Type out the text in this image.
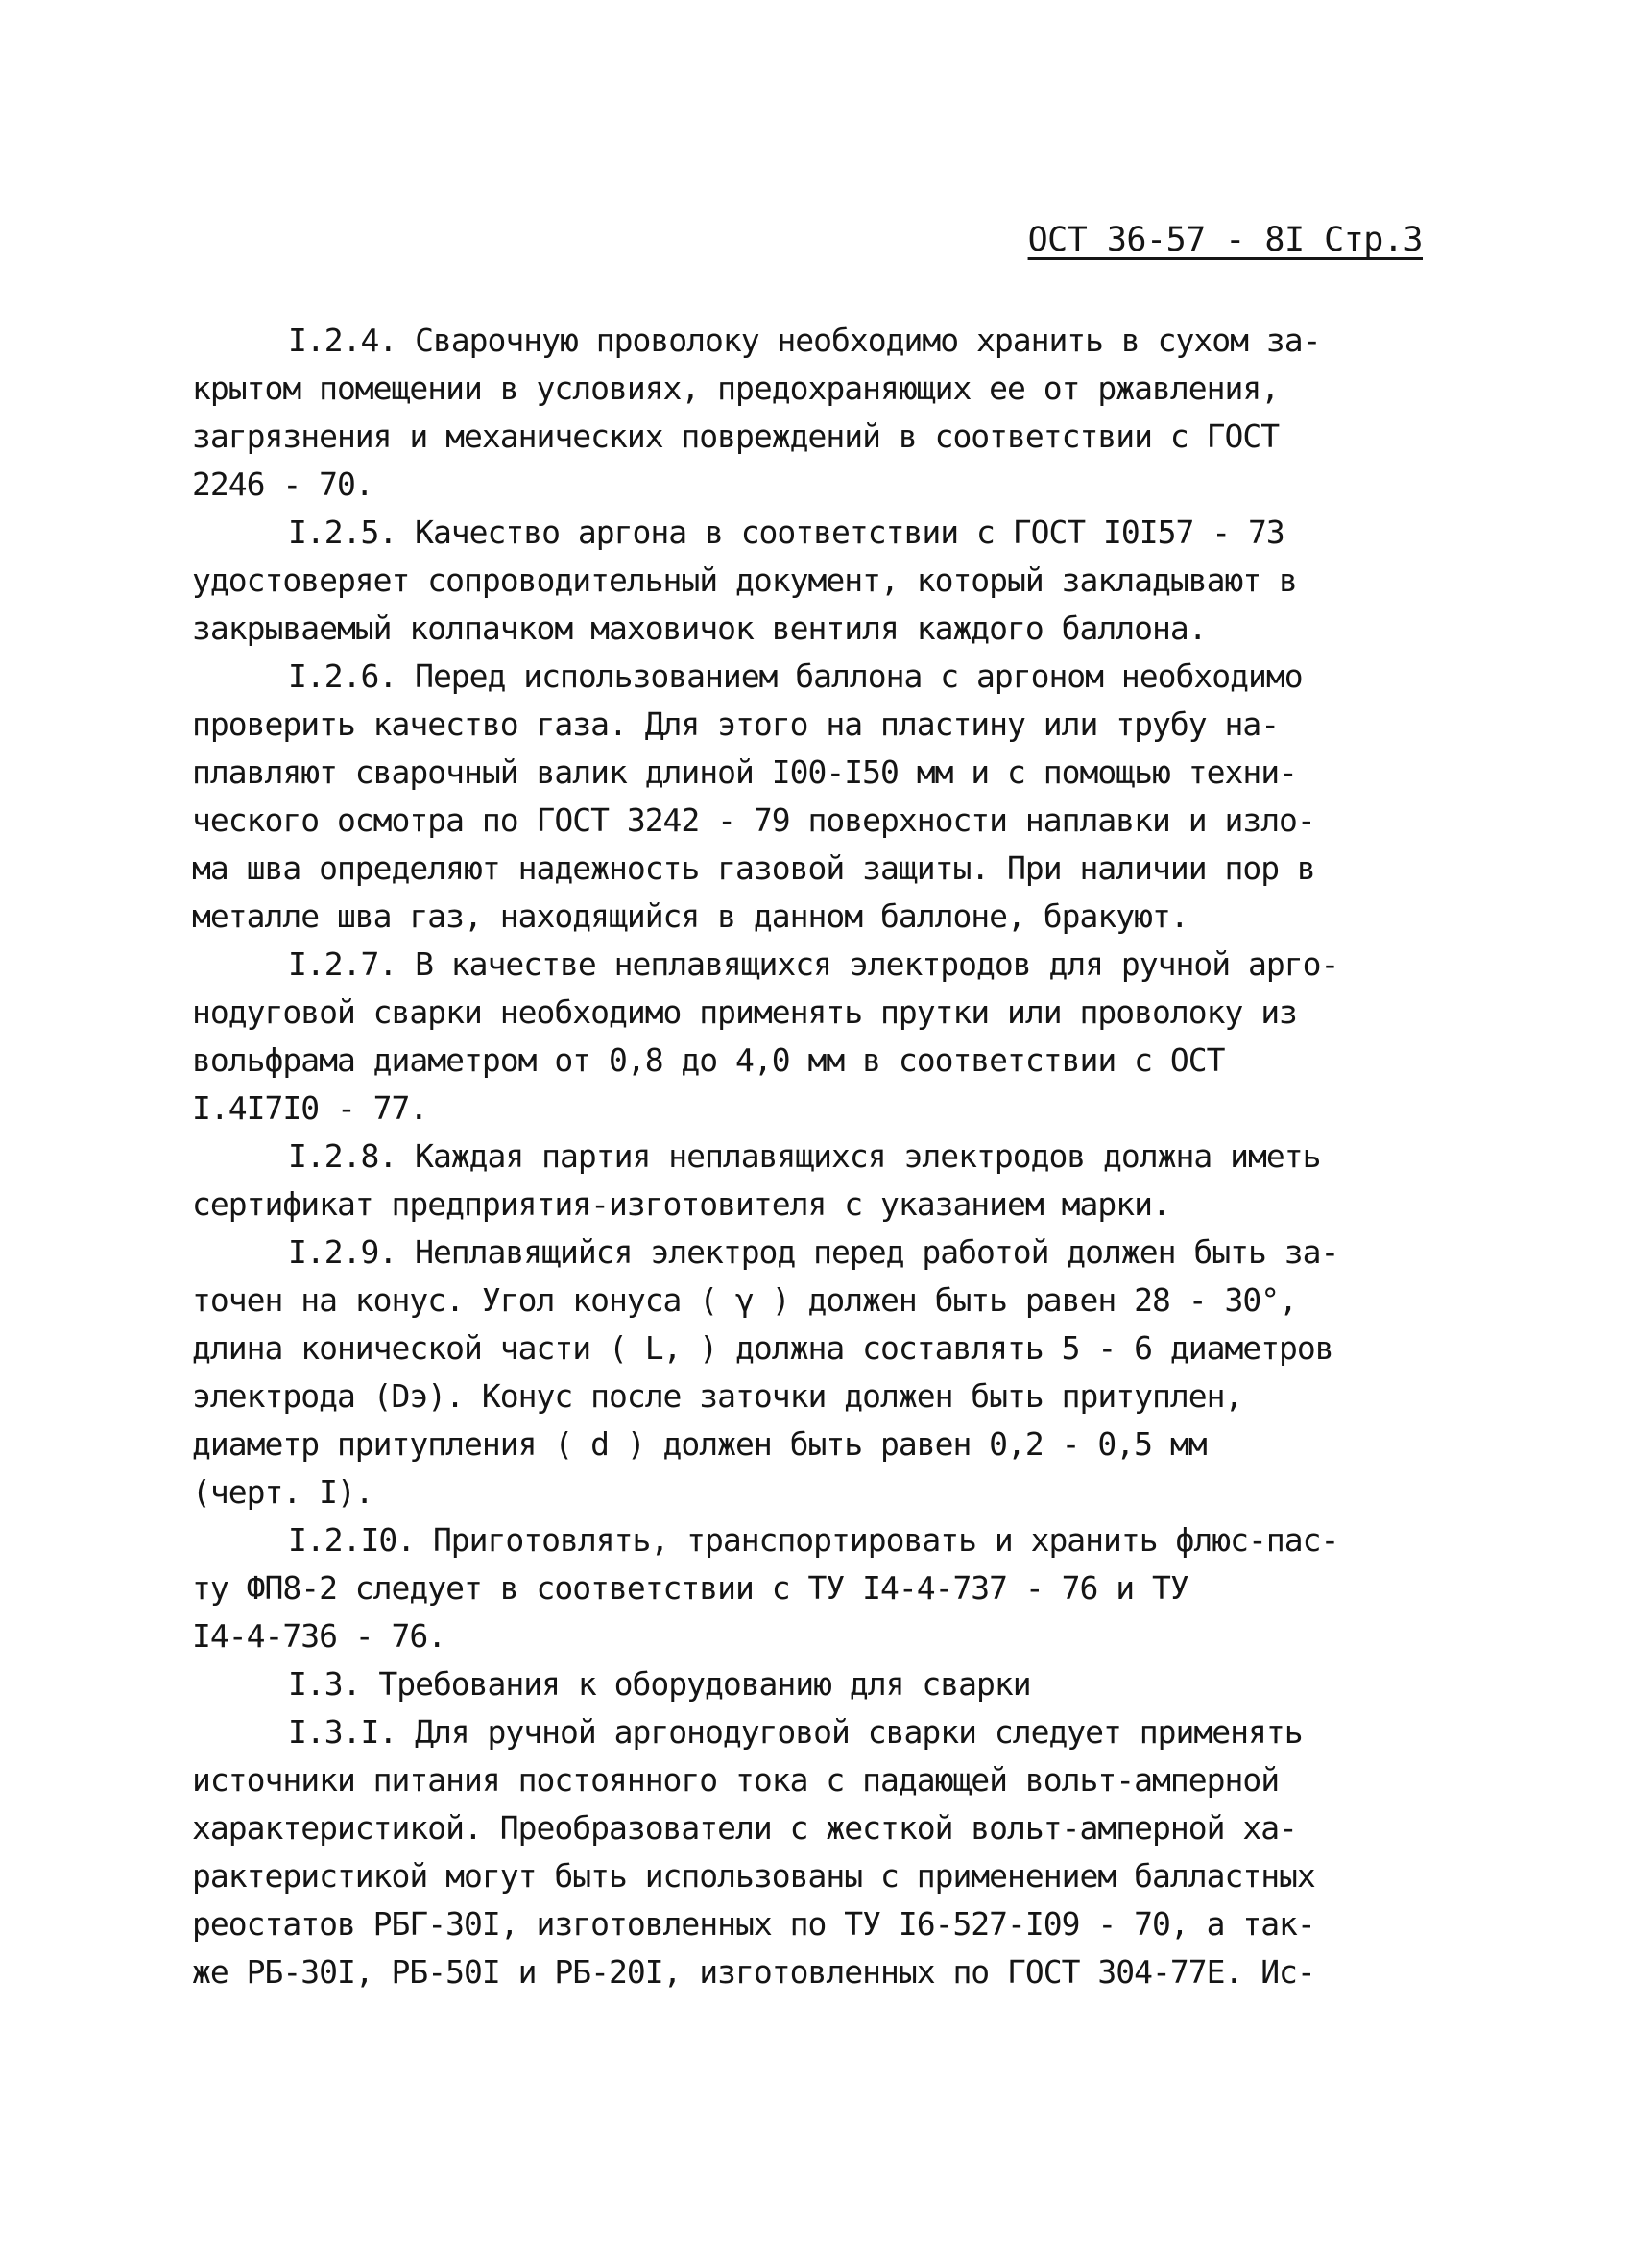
ОСТ 36-57 - 8I Стр.3

I.2.4. Сварочную проволоку необходимо хранить в сухом за-

крытом помещении в условиях, предохраняющих ее от ржавления,

загрязнения и механических повреждений в соответствии с ГОСТ

2246 - 70.

I.2.5. Качество аргона в соответствии с ГОСТ I0I57 - 73

удостоверяет сопроводительный документ, который закладывают в

закрываемый колпачком маховичок вентиля каждого баллона.

I.2.6. Перед использованием баллона с аргоном необходимо

проверить качество газа. Для этого на пластину или трубу на-

плавляют сварочный валик длиной I00-I50 мм и с помощью техни-

ческого осмотра по ГОСТ 3242 - 79 поверхности наплавки и изло-

ма шва определяют надежность газовой защиты. При наличии пор в

металле шва газ, находящийся в данном баллоне, бракуют.

I.2.7. В качестве неплавящихся электродов для ручной арго-

нодуговой сварки необходимо применять прутки или проволоку из

вольфрама диаметром от 0,8 до 4,0 мм в соответствии с ОСТ

I.4I7I0 - 77.

I.2.8. Каждая партия неплавящихся электродов должна иметь

сертификат предприятия-изготовителя с указанием марки.

I.2.9. Неплавящийся электрод перед работой должен быть за-

точен на конус. Угол конуса ( γ ) должен быть равен 28 - 30°,

длина конической части ( L, ) должна составлять 5 - 6 диаметров

электрода (Dэ). Конус после заточки должен быть притуплен,

диаметр притупления ( d ) должен быть равен 0,2 - 0,5 мм

(черт. I).

I.2.I0. Приготовлять, транспортировать и хранить флюс-пас-

ту ФП8-2 следует в соответствии с ТУ I4-4-737 - 76 и ТУ

I4-4-736 - 76.

I.3. Требования к оборудованию для сварки

I.3.I. Для ручной аргонодуговой сварки следует применять

источники питания постоянного тока с падающей вольт-амперной

характеристикой. Преобразователи с жесткой вольт-амперной ха-

рактеристикой могут быть использованы с применением балластных

реостатов РБГ-30I, изготовленных по ТУ I6-527-I09 - 70, а так-

же РБ-30I, РБ-50I и РБ-20I, изготовленных по ГОСТ 304-77Е. Ис-
